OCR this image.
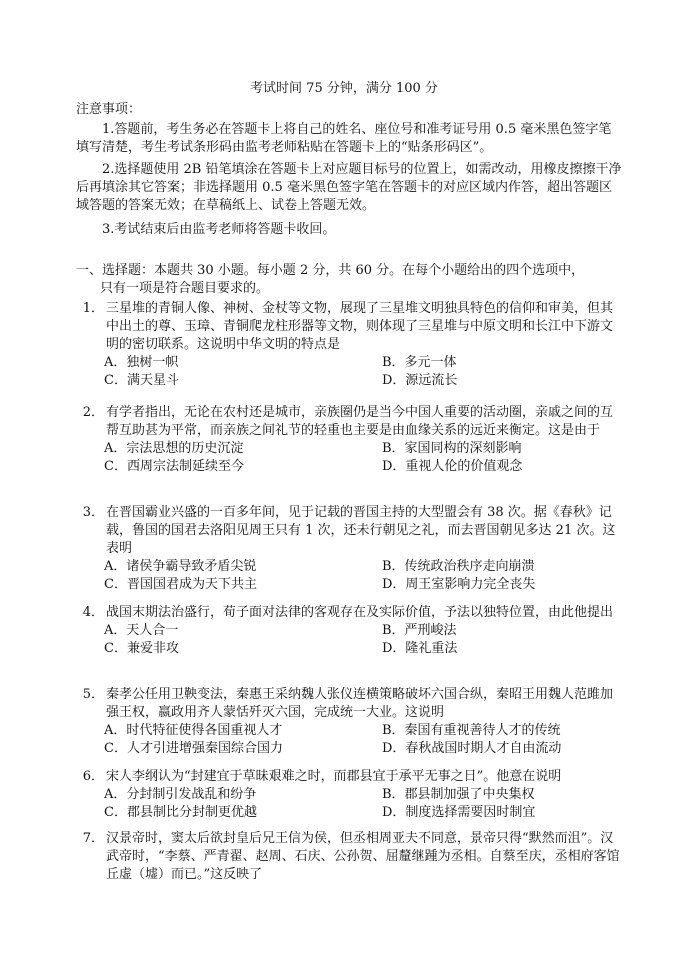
考试时间 75 分钟，满分 100 分
注意事项：

1.答题前，考生务必在答题卡上将自己的姓名、座位号和准考证号用 0.5 毫米黑色签字笔填写清楚，考生考试条形码由监考老师粘贴在答题卡上的“贴条形码区”。

2.选择题使用 2B 铅笔填涂在答题卡上对应题目标号的位置上，如需改动，用橡皮擦擦干净后再填涂其它答案；非选择题用 0.5 毫米黑色签字笔在答题卡的对应区域内作答，超出答题区域答题的答案无效；在草稿纸上、试卷上答题无效。

3.考试结束后由监考老师将答题卡收回。

一、选择题：本题共 30 小题。每小题 2 分，共 60 分。在每个小题给出的四个选项中，
只有一项是符合题目要求的。
1． 三星堆的青铜人像、神树、金杖等文物，展现了三星堆文明独具特色的信仰和审美，但其中出土的尊、玉璋、青铜爬龙柱形器等文物，则体现了三星堆与中原文明和长江中下游文明的密切联系。这说明中华文明的特点是
A．独树一帜	B．多元一体
C．满天星斗	D．源远流长
2． 有学者指出，无论在农村还是城市，亲族圈仍是当今中国人重要的活动圈，亲戚之间的互帮互助甚为平常，而亲族之间礼节的轻重也主要是由血缘关系的远近来衡定。这是由于
A．宗法思想的历史沉淀	B．家国同构的深刻影响
C．西周宗法制延续至今	D．重视人伦的价值观念
3． 在晋国霸业兴盛的一百多年间，见于记载的晋国主持的大型盟会有 38 次。据《春秋》记载，鲁国的国君去洛阳见周王只有 1 次，还未行朝见之礼，而去晋国朝见多达 21 次。这表明
A．诸侯争霸导致矛盾尖锐	B．传统政治秩序走向崩溃
C．晋国国君成为天下共主	D．周王室影响力完全丧失
4． 战国末期法治盛行，荀子面对法律的客观存在及实际价值，予法以独特位置，由此他提出
A．天人合一	B．严刑峻法
C．兼爱非攻	D．隆礼重法
5． 秦孝公任用卫鞅变法，秦惠王采纳魏人张仪连横策略破坏六国合纵，秦昭王用魏人范雎加强王权，嬴政用齐人蒙恬歼灭六国，完成统一大业。这说明
A．时代特征使得各国重视人才	B．秦国有重视善待人才的传统
C．人才引进增强秦国综合国力	D．春秋战国时期人才自由流动
6． 宋人李纲认为“封建宜于草昧艰难之时，而郡县宜于承平无事之日”。他意在说明
A．分封制引发战乱和纷争	B．郡县制加强了中央集权
C．郡县制比分封制更优越	D．制度选择需要因时制宜
7． 汉景帝时，窦太后欲封皇后兄王信为侯，但丞相周亚夫不同意，景帝只得“默然而沮”。汉武帝时，“李蔡、严青翟、赵周、石庆、公孙贺、屈釐继踵为丞相。自蔡至庆，丞相府客馆丘虚（墟）而已。”这反映了
